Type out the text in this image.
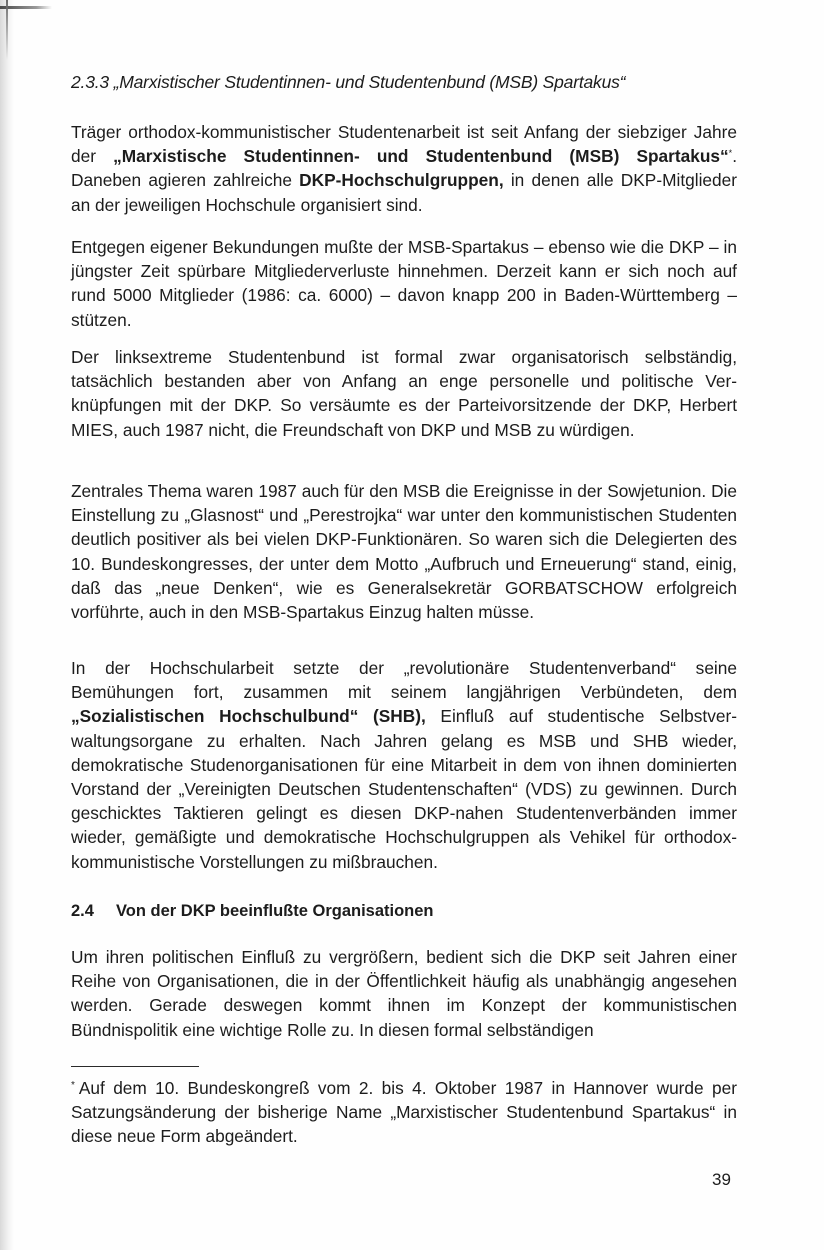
2.3.3 „Marxistischer Studentinnen- und Studentenbund (MSB) Spartakus“

Träger orthodox-kommunistischer Studentenarbeit ist seit Anfang der siebziger Jahre der „Marxistische Studentinnen- und Studentenbund (MSB) Spartakus“*. Daneben agieren zahlreiche DKP-Hochschulgruppen, in denen alle DKP-Mitglieder an der jeweiligen Hochschule organisiert sind.

Entgegen eigener Bekundungen mußte der MSB-Spartakus – ebenso wie die DKP – in jüngster Zeit spürbare Mitgliederverluste hinnehmen. Derzeit kann er sich noch auf rund 5000 Mitglieder (1986: ca. 6000) – davon knapp 200 in Baden-Württemberg – stützen.

Der linksextreme Studentenbund ist formal zwar organisatorisch selbständig, tatsächlich bestanden aber von Anfang an enge personelle und politische Verknüpfungen mit der DKP. So versäumte es der Parteivorsitzende der DKP, Herbert MIES, auch 1987 nicht, die Freundschaft von DKP und MSB zu würdigen.

Zentrales Thema waren 1987 auch für den MSB die Ereignisse in der Sowjetunion. Die Einstellung zu „Glasnost“ und „Perestrojka“ war unter den kommunistischen Studenten deutlich positiver als bei vielen DKP-Funktionären. So waren sich die Delegierten des 10. Bundeskongresses, der unter dem Motto „Aufbruch und Erneuerung“ stand, einig, daß das „neue Denken“, wie es Generalsekretär GORBATSCHOW erfolgreich vorführte, auch in den MSB-Spartakus Einzug halten müsse.

In der Hochschularbeit setzte der „revolutionäre Studentenverband“ seine Bemühungen fort, zusammen mit seinem langjährigen Verbündeten, dem „Sozialistischen Hochschulbund“ (SHB), Einfluß auf studentische Selbstverwaltungsorgane zu erhalten. Nach Jahren gelang es MSB und SHB wieder, demokratische Studenorganisationen für eine Mitarbeit in dem von ihnen dominierten Vorstand der „Vereinigten Deutschen Studentenschaften“ (VDS) zu gewinnen. Durch geschicktes Taktieren gelingt es diesen DKP-nahen Studentenverbänden immer wieder, gemäßigte und demokratische Hochschulgruppen als Vehikel für orthodox-kommunistische Vorstellungen zu mißbrauchen.

2.4	Von der DKP beeinflußte Organisationen

Um ihren politischen Einfluß zu vergrößern, bedient sich die DKP seit Jahren einer Reihe von Organisationen, die in der Öffentlichkeit häufig als unabhängig angesehen werden. Gerade deswegen kommt ihnen im Konzept der kommunistischen Bündnispolitik eine wichtige Rolle zu. In diesen formal selbständigen

* Auf dem 10. Bundeskongreß vom 2. bis 4. Oktober 1987 in Hannover wurde per Satzungsänderung der bisherige Name „Marxistischer Studentenbund Spartakus“ in diese neue Form abgeändert.

39
